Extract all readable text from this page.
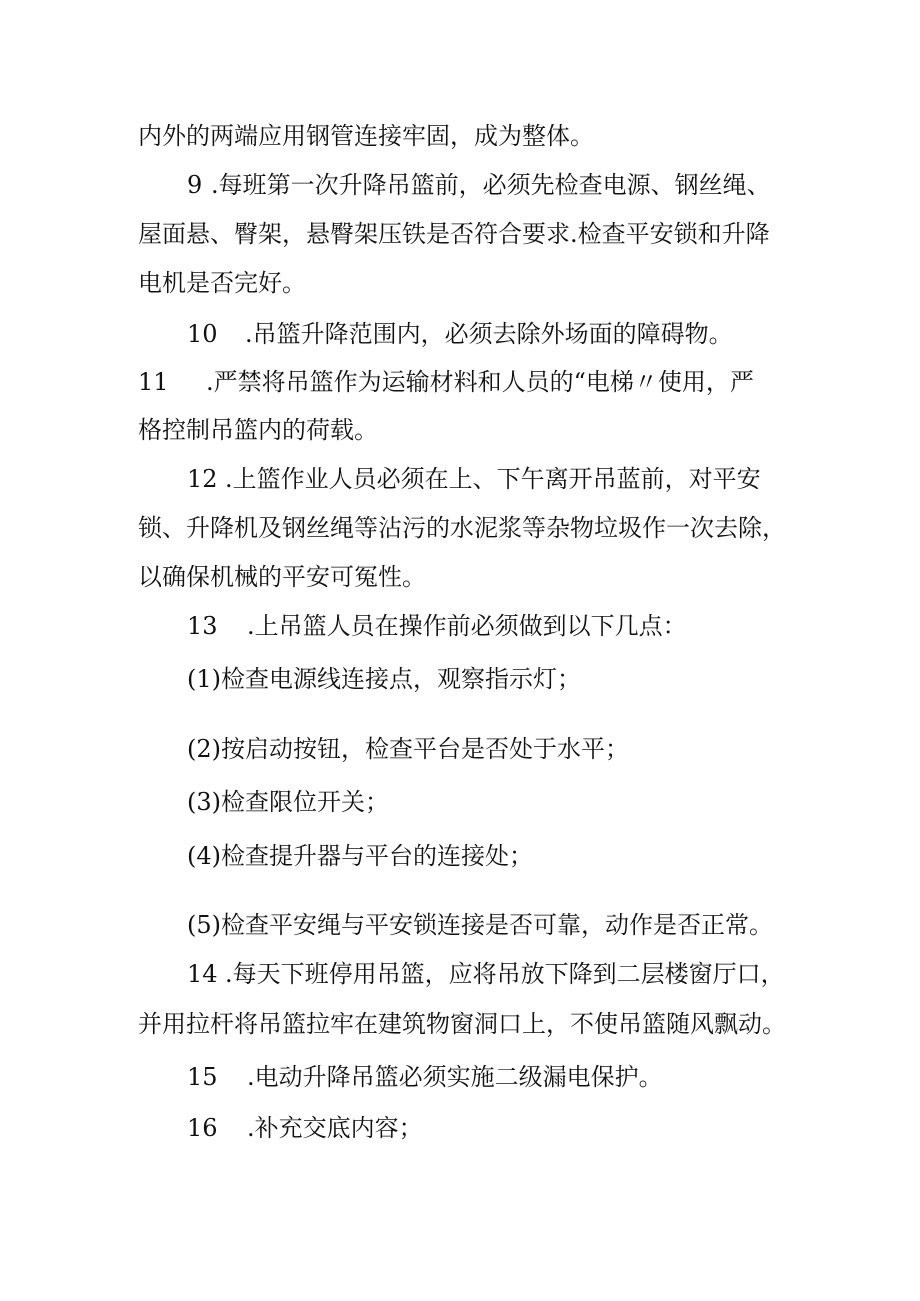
内外的两端应用钢管连接牢固，成为整体。

9 .每班第一次升降吊篮前，必须先检查电源、钢丝绳、

屋面悬、臀架，悬臀架压铁是否符合要求.检查平安锁和升降

电机是否完好。

10 .吊篮升降范围内，必须去除外场面的障碍物。

11 .严禁将吊篮作为运输材料和人员的“电梯〃使用，严

格控制吊篮内的荷载。

12 .上篮作业人员必须在上、下午离开吊蓝前，对平安

锁、升降机及钢丝绳等沾污的水泥浆等杂物垃圾作一次去除，

以确保机械的平安可冤性。

13 .上吊篮人员在操作前必须做到以下几点：

(1)检查电源线连接点，观察指示灯；

(2)按启动按钮，检查平台是否处于水平；

(3)检查限位开关；

(4)检查提升器与平台的连接处；

(5)检查平安绳与平安锁连接是否可靠，动作是否正常。

14 .每天下班停用吊篮，应将吊放下降到二层楼窗厅口，

并用拉杆将吊篮拉牢在建筑物窗洞口上，不使吊篮随风飘动。

15 .电动升降吊篮必须实施二级漏电保护。

16 .补充交底内容；
